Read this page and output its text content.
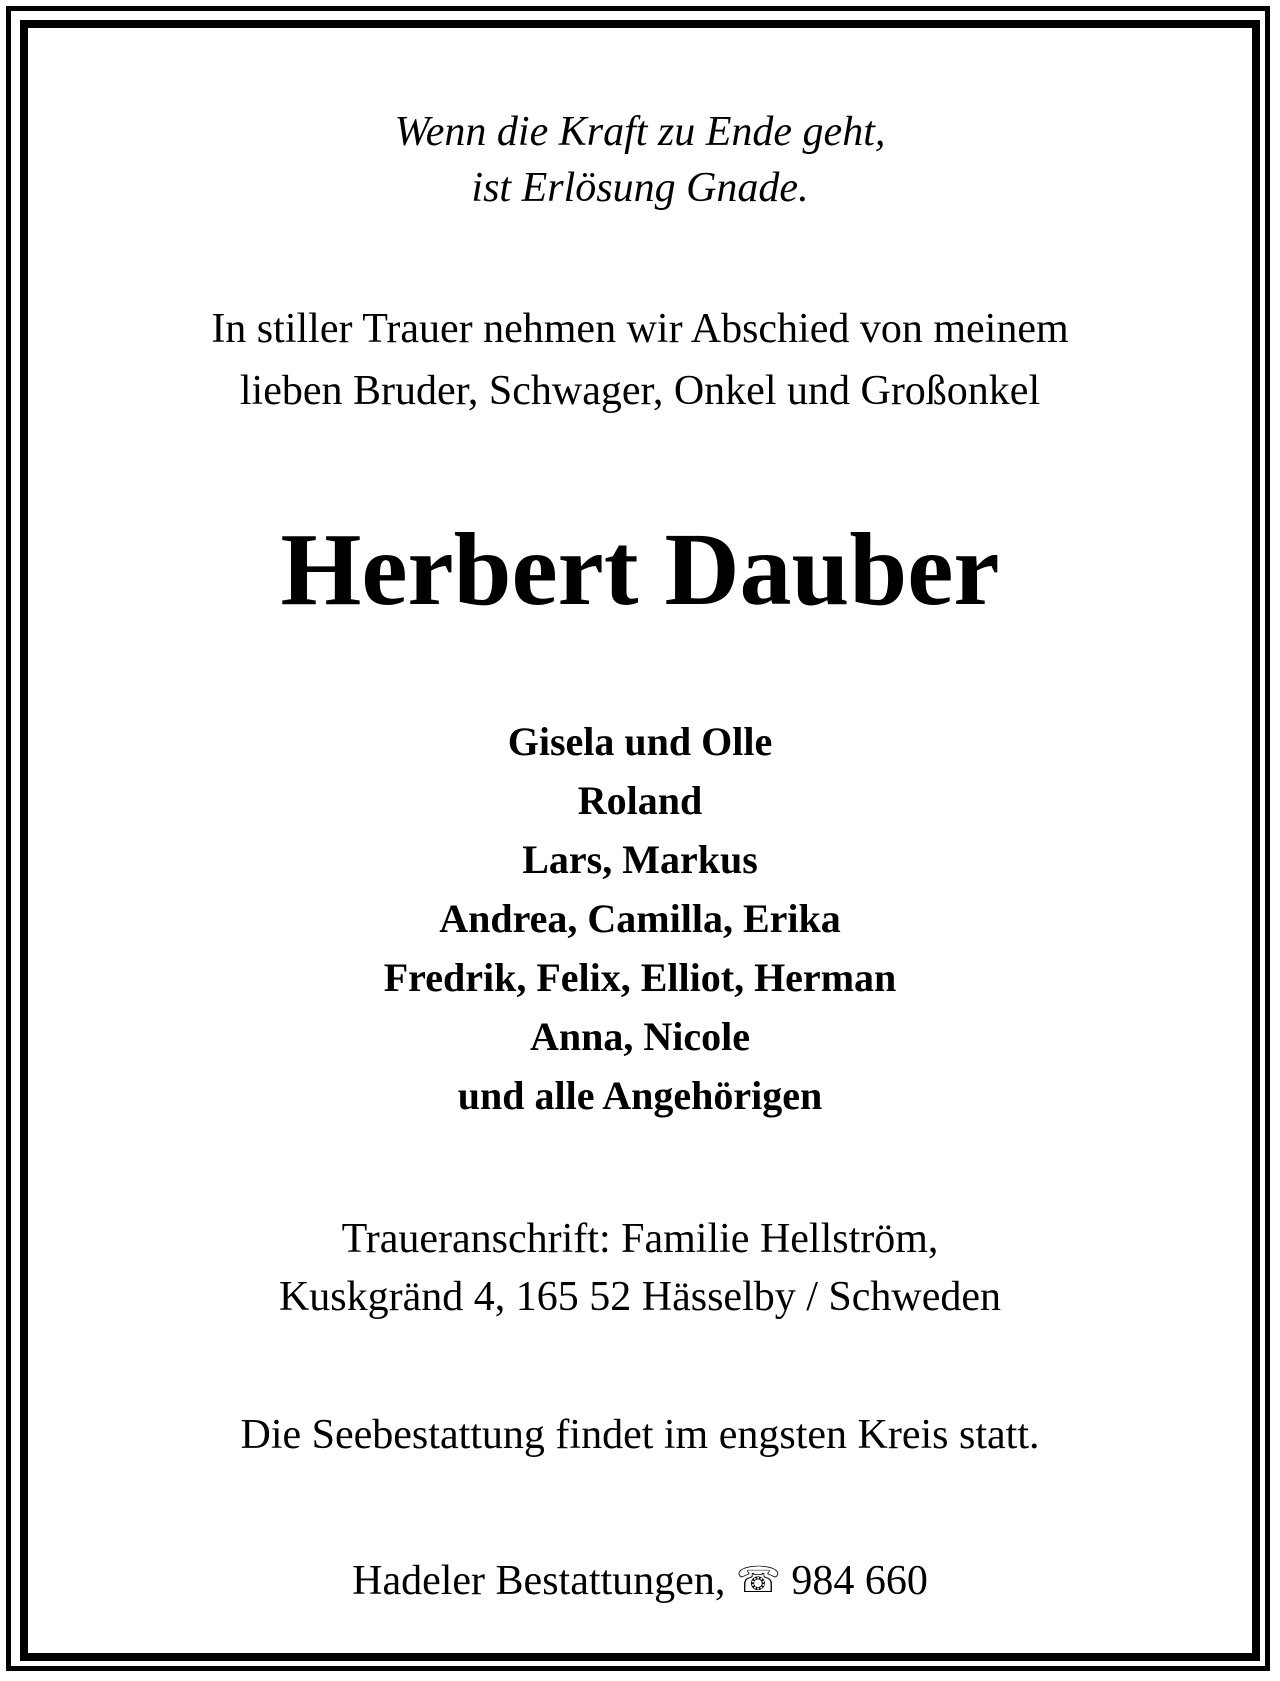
Wenn die Kraft zu Ende geht,
ist Erlösung Gnade.
In stiller Trauer nehmen wir Abschied von meinem
lieben Bruder, Schwager, Onkel und Großonkel
Herbert Dauber
Gisela und Olle
Roland
Lars, Markus
Andrea, Camilla, Erika
Fredrik, Felix, Elliot, Herman
Anna, Nicole
und alle Angehörigen
Traueranschrift: Familie Hellström,
Kuskgränd 4, 165 52 Hässelby / Schweden
Die Seebestattung findet im engsten Kreis statt.
Hadeler Bestattungen, ☏ 984 660
